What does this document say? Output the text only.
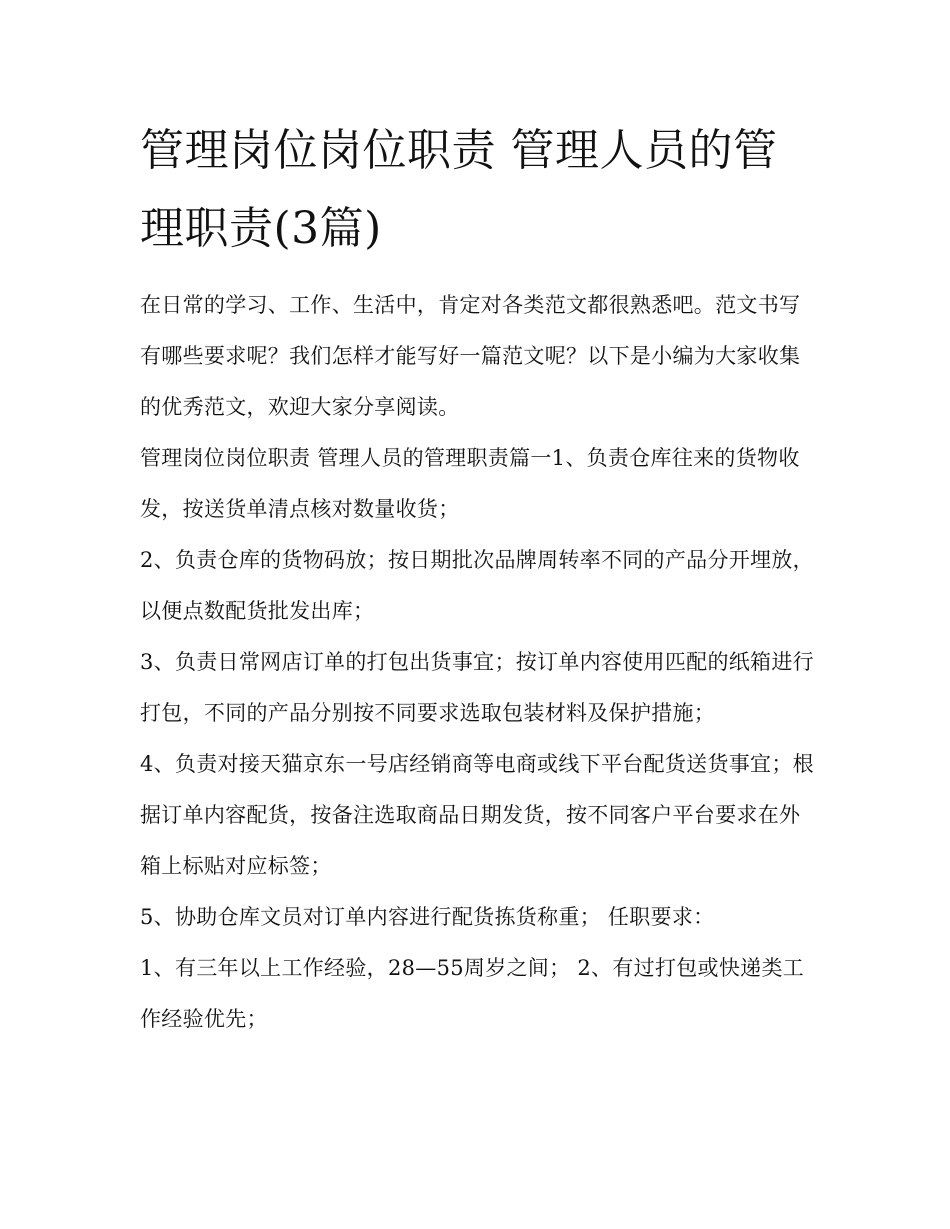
管理岗位岗位职责 管理人员的管理职责(3篇)

在日常的学习、工作、生活中，肯定对各类范文都很熟悉吧。范文书写有哪些要求呢？我们怎样才能写好一篇范文呢？以下是小编为大家收集的优秀范文，欢迎大家分享阅读。

管理岗位岗位职责 管理人员的管理职责篇一1、负责仓库往来的货物收发，按送货单清点核对数量收货；

2、负责仓库的货物码放；按日期批次品牌周转率不同的产品分开埋放，以便点数配货批发出库；

3、负责日常网店订单的打包出货事宜；按订单内容使用匹配的纸箱进行打包，不同的产品分别按不同要求选取包装材料及保护措施；

4、负责对接天猫京东一号店经销商等电商或线下平台配货送货事宜；根据订单内容配货，按备注选取商品日期发货，按不同客户平台要求在外箱上标贴对应标签；

5、协助仓库文员对订单内容进行配货拣货称重； 任职要求：

1、有三年以上工作经验，28—55周岁之间； 2、有过打包或快递类工作经验优先；
